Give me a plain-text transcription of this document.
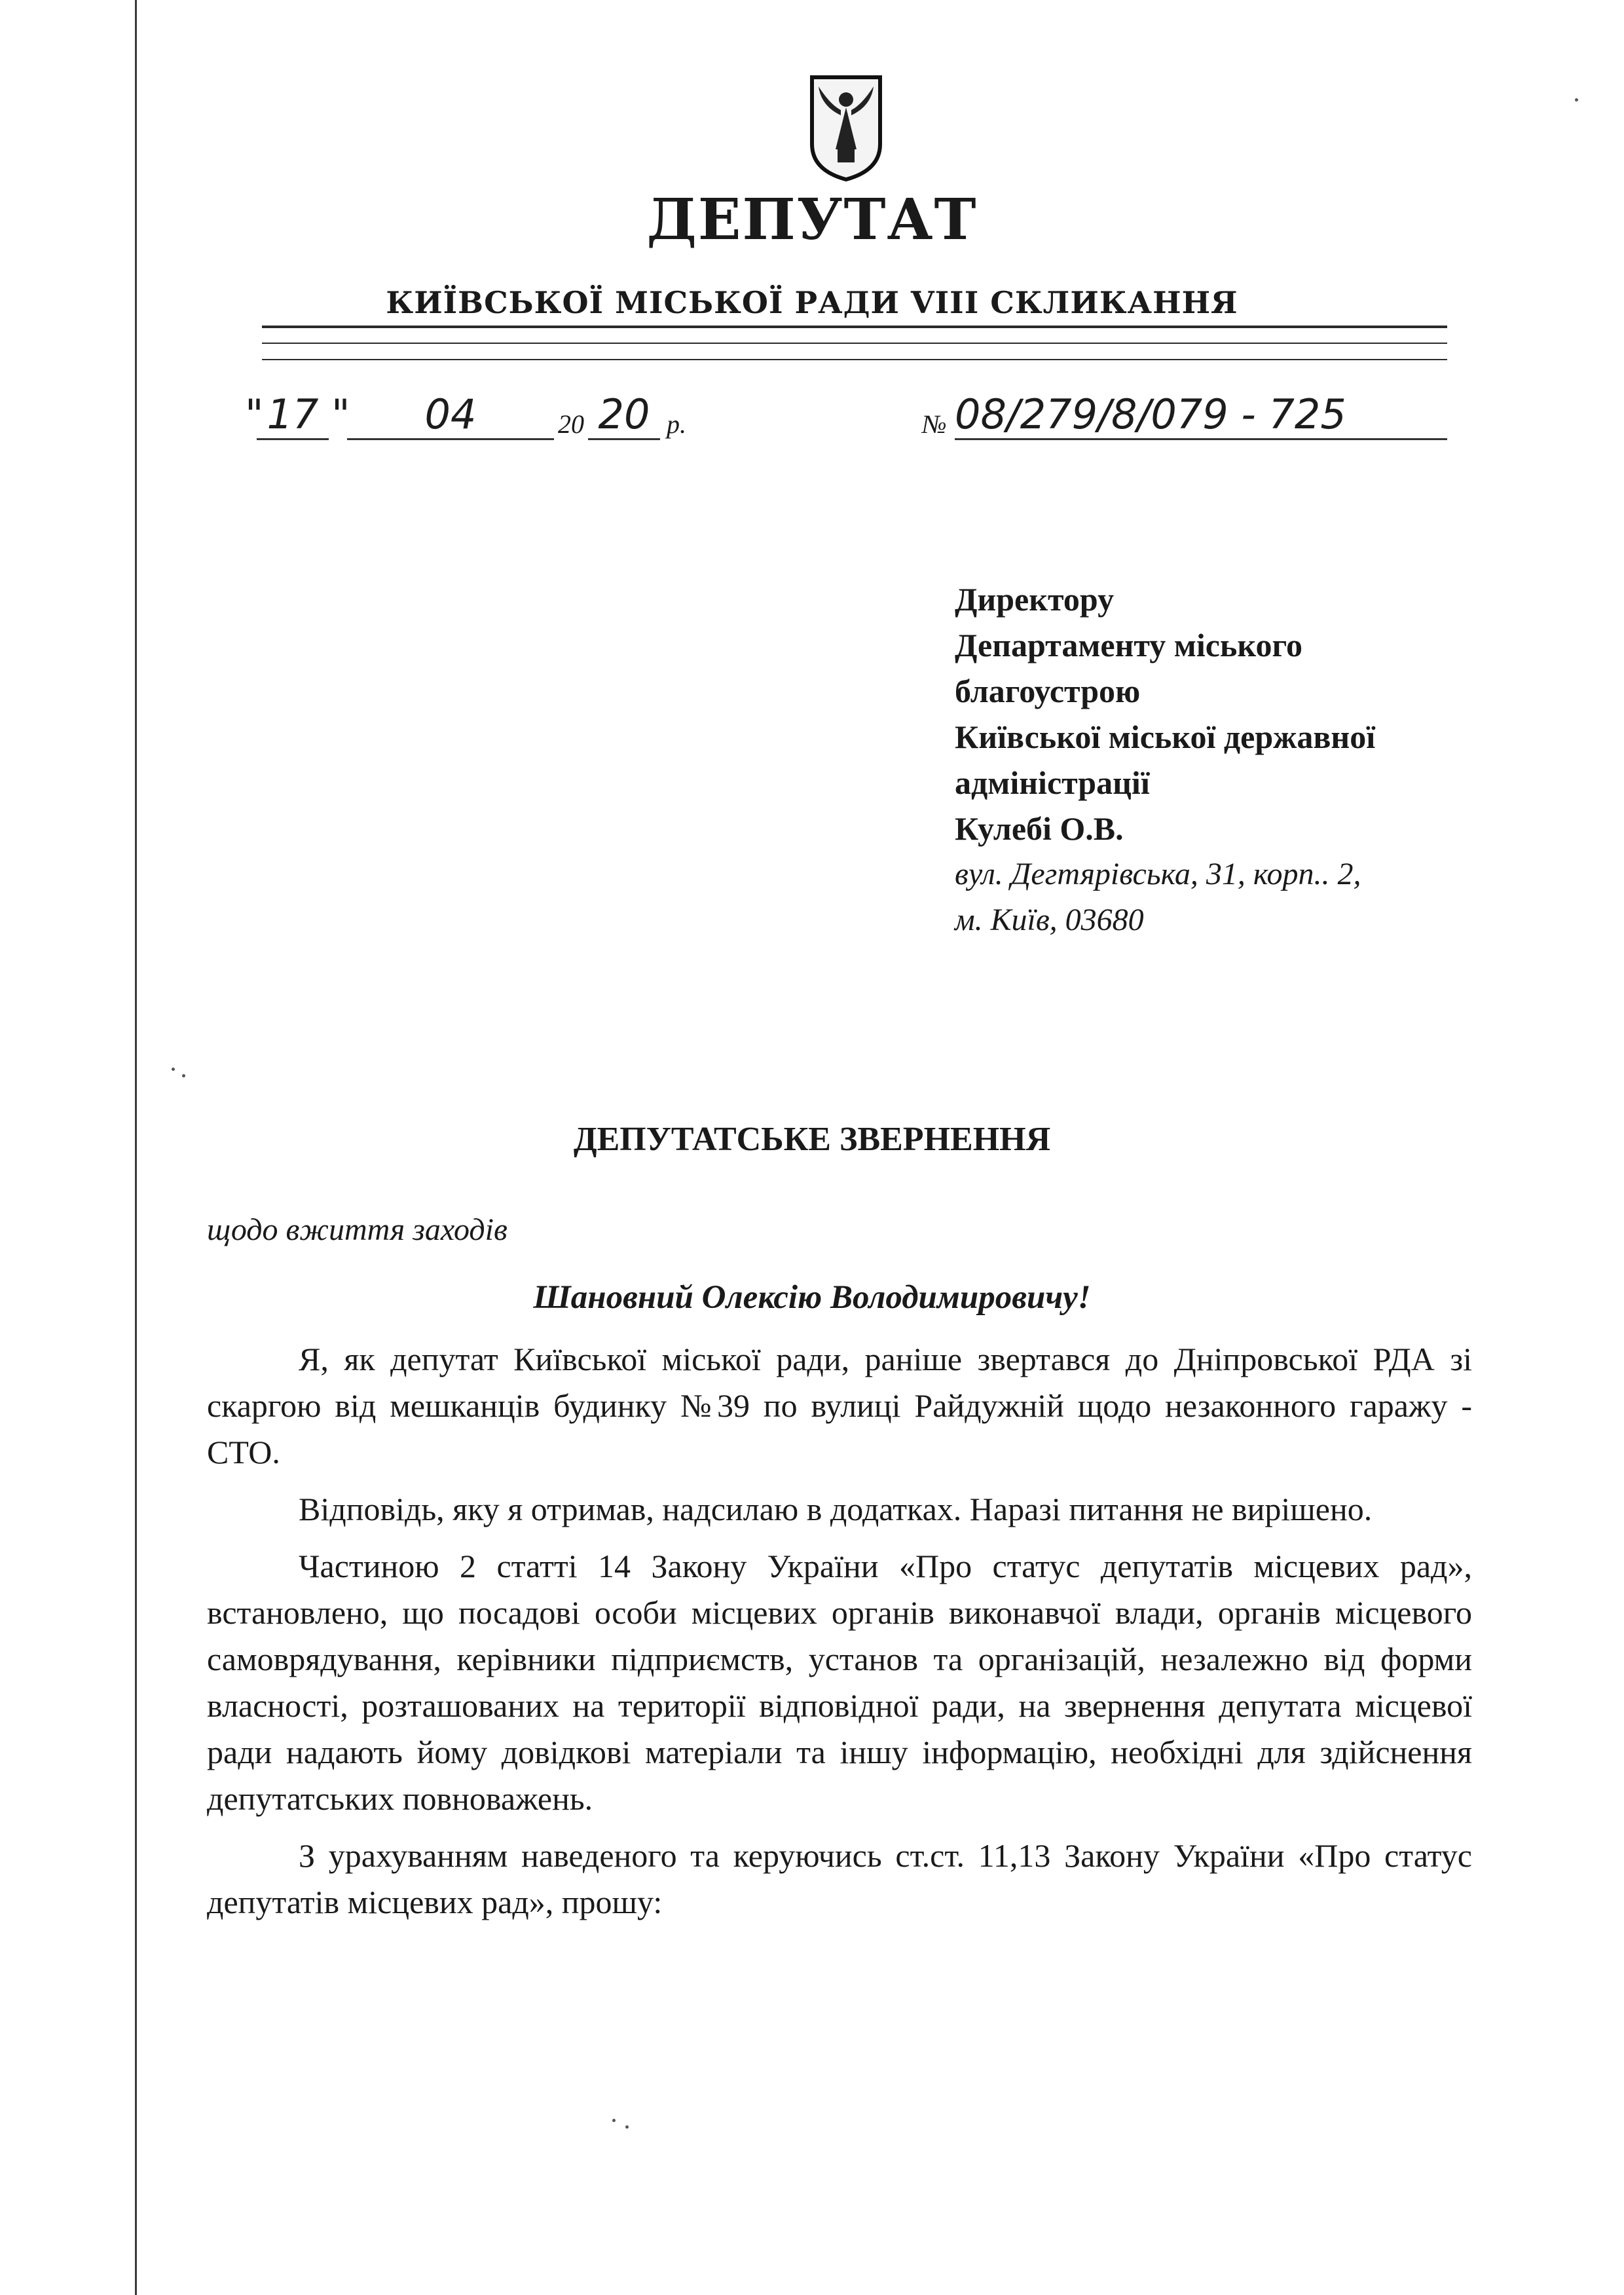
ДЕПУТАТ
КИЇВСЬКОЇ МІСЬКОЇ РАДИ VIII СКЛИКАННЯ
" 17 "	04	20 20 р.	№ 08/279/8/079 - 725
Директору
Департаменту міського
благоустрою
Київської міської державної
адміністрації
Кулебі О.В.
вул. Дегтярівська, 31, корп.. 2,
м. Київ, 03680
ДЕПУТАТСЬКЕ ЗВЕРНЕННЯ
щодо вжиття заходів
Шановний Олексію Володимировичу!

Я, як депутат Київської міської ради, раніше звертався до Дніпровської РДА зі скаргою від мешканців будинку №39 по вулиці Райдужній щодо незаконного гаражу - СТО.

Відповідь, яку я отримав, надсилаю в додатках. Наразі питання не вирішено.

Частиною 2 статті 14 Закону України «Про статус депутатів місцевих рад», встановлено, що посадові особи місцевих органів виконавчої влади, органів місцевого самоврядування, керівники підприємств, установ та організацій, незалежно від форми власності, розташованих на території відповідної ради, на звернення депутата місцевої ради надають йому довідкові матеріали та іншу інформацію, необхідні для здійснення депутатських повноважень.

З урахуванням наведеного та керуючись ст.ст. 11,13 Закону України «Про статус депутатів місцевих рад», прошу:
